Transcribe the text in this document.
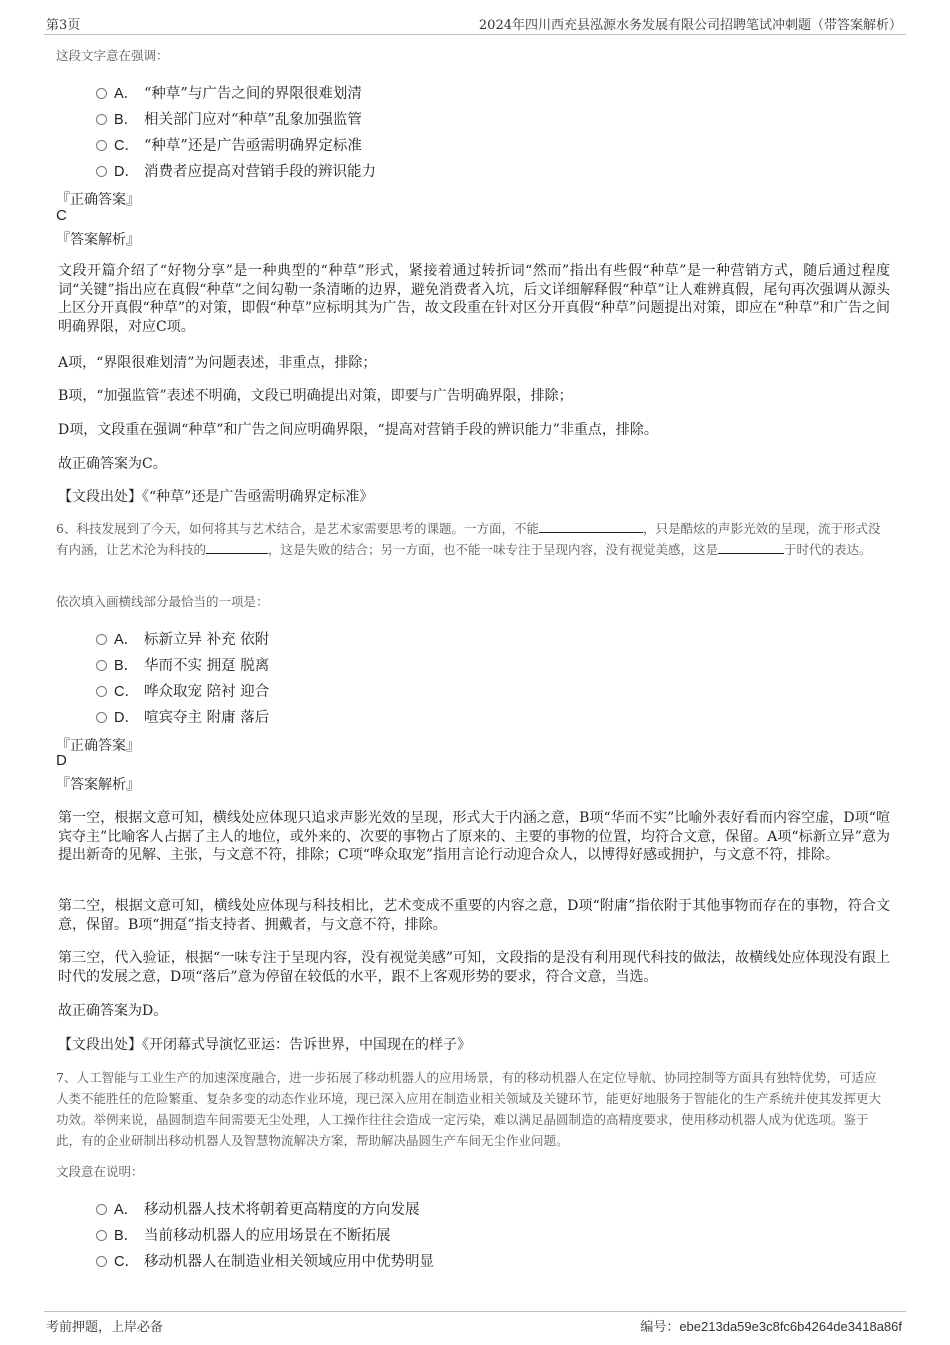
第3页	2024年四川西充县泓源水务发展有限公司招聘笔试冲刺题（带答案解析）
这段文字意在强调：
A． “种草”与广告之间的界限很难划清
B． 相关部门应对“种草”乱象加强监管
C． “种草”还是广告亟需明确界定标准
D． 消费者应提高对营销手段的辨识能力
『正确答案』
C
『答案解析』
文段开篇介绍了“好物分享”是一种典型的“种草”形式，紧接着通过转折词“然而”指出有些假“种草”是一种营销方式，随后通过程度词“关键”指出应在真假“种草”之间勾勒一条清晰的边界，避免消费者入坑，后文详细解释假“种草”让人难辨真假，尾句再次强调从源头上区分开真假“种草”的对策，即假“种草”应标明其为广告，故文段重在针对区分开真假“种草”问题提出对策，即应在“种草”和广告之间明确界限，对应C项。
A项，“界限很难划清”为问题表述，非重点，排除；
B项，“加强监管”表述不明确，文段已明确提出对策，即要与广告明确界限，排除；
D项，文段重在强调“种草”和广告之间应明确界限，“提高对营销手段的辨识能力”非重点，排除。
故正确答案为C。
【文段出处】《“种草”还是广告亟需明确界定标准》
6、科技发展到了今天，如何将其与艺术结合，是艺术家需要思考的课题。一方面，不能	，只是酷炫的声影光效的呈现，流于形式没有内涵，让艺术沦为科技的	，这是失败的结合；另一方面，也不能一味专注于呈现内容，没有视觉美感，这是	于时代的表达。
依次填入画横线部分最恰当的一项是：
A． 标新立异 补充 依附
B． 华而不实 拥趸 脱离
C． 哗众取宠 陪衬 迎合
D． 喧宾夺主 附庸 落后
『正确答案』
D
『答案解析』
第一空，根据文意可知，横线处应体现只追求声影光效的呈现，形式大于内涵之意，B项“华而不实”比喻外表好看而内容空虚，D项“喧宾夺主”比喻客人占据了主人的地位，或外来的、次要的事物占了原来的、主要的事物的位置，均符合文意，保留。A项“标新立异”意为提出新奇的见解、主张，与文意不符，排除；C项“哗众取宠”指用言论行动迎合众人，以博得好感或拥护，与文意不符，排除。
第二空，根据文意可知，横线处应体现与科技相比，艺术变成不重要的内容之意，D项“附庸”指依附于其他事物而存在的事物，符合文意，保留。B项“拥趸”指支持者、拥戴者，与文意不符，排除。
第三空，代入验证，根据“一味专注于呈现内容，没有视觉美感”可知，文段指的是没有利用现代科技的做法，故横线处应体现没有跟上时代的发展之意，D项“落后”意为停留在较低的水平，跟不上客观形势的要求，符合文意，当选。
故正确答案为D。
【文段出处】《开闭幕式导演忆亚运：告诉世界，中国现在的样子》
7、人工智能与工业生产的加速深度融合，进一步拓展了移动机器人的应用场景，有的移动机器人在定位导航、协同控制等方面具有独特优势，可适应人类不能胜任的危险繁重、复杂多变的动态作业环境，现已深入应用在制造业相关领域及关键环节，能更好地服务于智能化的生产系统并使其发挥更大功效。举例来说，晶圆制造车间需要无尘处理，人工操作往往会造成一定污染，难以满足晶圆制造的高精度要求，使用移动机器人成为优选项。鉴于此，有的企业研制出移动机器人及智慧物流解决方案，帮助解决晶圆生产车间无尘作业问题。
文段意在说明：
A． 移动机器人技术将朝着更高精度的方向发展
B． 当前移动机器人的应用场景在不断拓展
C． 移动机器人在制造业相关领域应用中优势明显
考前押题，上岸必备	编号：ebe213da59e3c8fc6b4264de3418a86f
